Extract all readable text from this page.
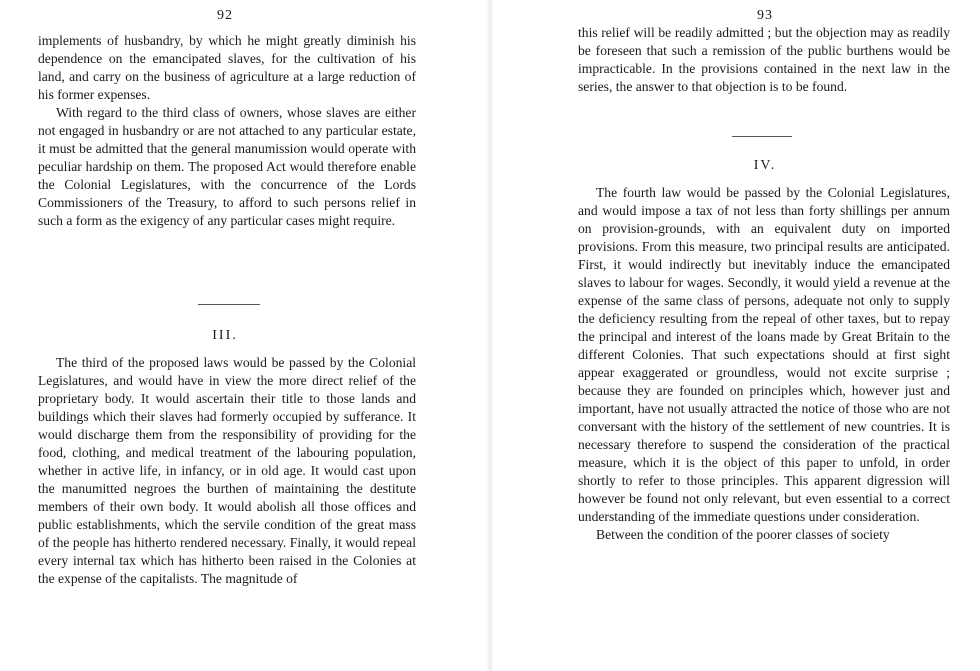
92

implements of husbandry, by which he might greatly diminish his dependence on the emancipated slaves, for the cultivation of his land, and carry on the business of agriculture at a large reduction of his former expenses.

With regard to the third class of owners, whose slaves are either not engaged in husbandry or are not attached to any particular estate, it must be admitted that the general manumission would operate with peculiar hardship on them. The proposed Act would therefore enable the Colonial Legislatures, with the concurrence of the Lords Commissioners of the Treasury, to afford to such persons relief in such a form as the exigency of any particular cases might require.

III.

The third of the proposed laws would be passed by the Colonial Legislatures, and would have in view the more direct relief of the proprietary body. It would ascertain their title to those lands and buildings which their slaves had formerly occupied by sufferance. It would discharge them from the responsibility of providing for the food, clothing, and medical treatment of the labouring population, whether in active life, in infancy, or in old age. It would cast upon the manumitted negroes the burthen of maintaining the destitute members of their own body. It would abolish all those offices and public establishments, which the servile condition of the great mass of the people has hitherto rendered necessary. Finally, it would repeal every internal tax which has hitherto been raised in the Colonies at the expense of the capitalists. The magnitude of

93

this relief will be readily admitted ; but the objection may as readily be foreseen that such a remission of the public burthens would be impracticable. In the provisions contained in the next law in the series, the answer to that objection is to be found.

IV.

The fourth law would be passed by the Colonial Legislatures, and would impose a tax of not less than forty shillings per annum on provision-grounds, with an equivalent duty on imported provisions. From this measure, two principal results are anticipated. First, it would indirectly but inevitably induce the emancipated slaves to labour for wages. Secondly, it would yield a revenue at the expense of the same class of persons, adequate not only to supply the deficiency resulting from the repeal of other taxes, but to repay the principal and interest of the loans made by Great Britain to the different Colonies. That such expectations should at first sight appear exaggerated or groundless, would not excite surprise ; because they are founded on principles which, however just and important, have not usually attracted the notice of those who are not conversant with the history of the settlement of new countries. It is necessary therefore to suspend the consideration of the practical measure, which it is the object of this paper to unfold, in order shortly to refer to those principles. This apparent digression will however be found not only relevant, but even essential to a correct understanding of the immediate questions under consideration.

Between the condition of the poorer classes of society
